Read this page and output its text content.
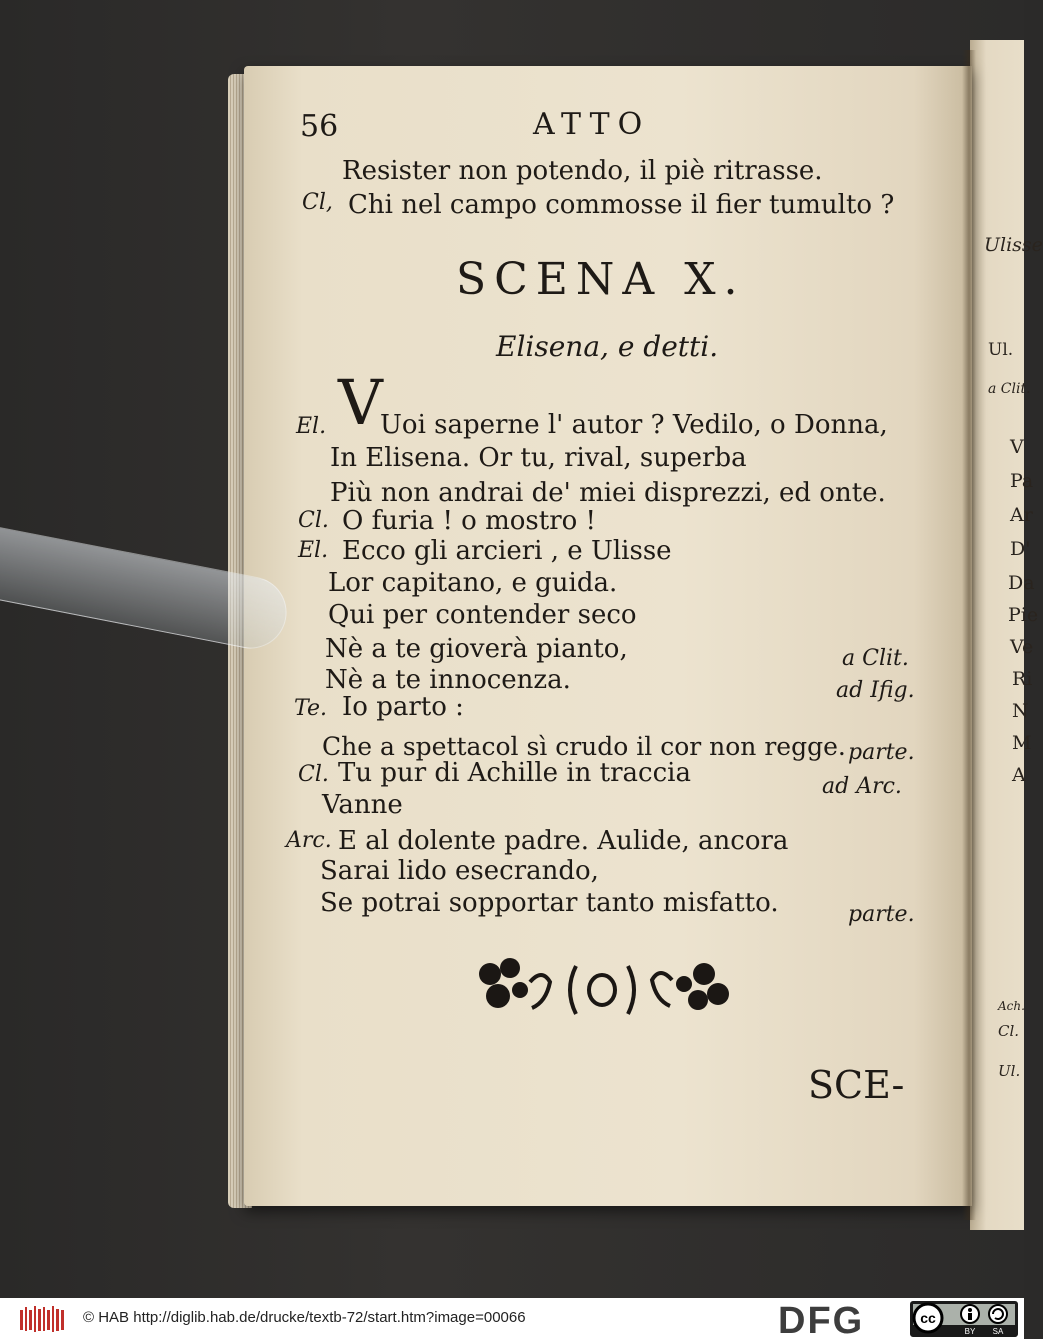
56	ATTO
Resister non potendo, il piè ritrasse.
Cl, Chi nel campo commosse il fier tumulto ?
SCENA X.
Elisena, e detti.
V
El. Uoi saperne l' autor ? Vedilo, o Donna,
In Elisena. Or tu, rival, superba
Più non andrai de' miei disprezzi, ed onte.
Cl. O furia ! o mostro !
El. Ecco gli arcieri , e Ulisse
Lor capitano, e guida.
Qui per contender seco
Nè a te gioverà pianto,	a Clit.
Nè a te innocenza.	ad Ifig.
Te. Io parto :
Che a spettacol sì crudo il cor non regge. parte.
Cl. Tu pur di Achille in traccia	ad Arc.
Vanne
Arc. E al dolente padre. Aulide, ancora
Sarai lido esecrando,
Se potrai sopportar tanto misfatto.	parte.
SCE-
Ulisse
Ul.
a Clit.
V
Pa
Ar
D'
Da
Pie
Ve
Ri
N
M
A
Ach.
Cl.
Ul.
© HAB http://diglib.hab.de/drucke/textb-72/start.htm?image=00066	DFG	cc
BY SA
